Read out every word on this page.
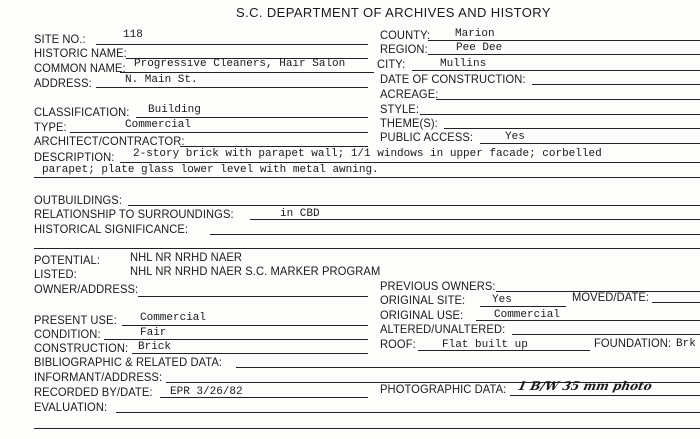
S.C. DEPARTMENT OF ARCHIVES AND HISTORY
SITE NO.:	118	COUNTY: Marion
HISTORIC NAME:	REGION:	Pee Dee
COMMON NAME: Progressive Cleaners, Hair Salon	CITY:	Mullins
ADDRESS:	N. Main St.	DATE OF CONSTRUCTION:
ACREAGE:
CLASSIFICATION: Building	STYLE:
TYPE:	Commercial	THEME(S):
ARCHITECT/CONTRACTOR:	PUBLIC ACCESS:	Yes
DESCRIPTION: 2-story brick with parapet wall; 1/1 windows in upper facade; corbelled
parapet; plate glass lower level with metal awning.
OUTBUILDINGS:
RELATIONSHIP TO SURROUNDINGS:	in CBD
HISTORICAL SIGNIFICANCE:
POTENTIAL: NHL NR NRHD NAER
LISTED:	NHL NR NRHD NAER S.C. MARKER PROGRAM
OWNER/ADDRESS:	PREVIOUS OWNERS:
ORIGINAL SITE: Yes	MOVED/DATE:
PRESENT USE: Commercial	ORIGINAL USE:	Commercial
CONDITION:	Fair	ALTERED/UNALTERED:
CONSTRUCTION: Brick	ROOF: Flat built up	FOUNDATION: Brk
BIBLIOGRAPHIC & RELATED DATA:
INFORMANT/ADDRESS:
RECORDED BY/DATE: EPR 3/26/82	PHOTOGRAPHIC DATA: 1 B/W 35 mm photo
EVALUATION:
